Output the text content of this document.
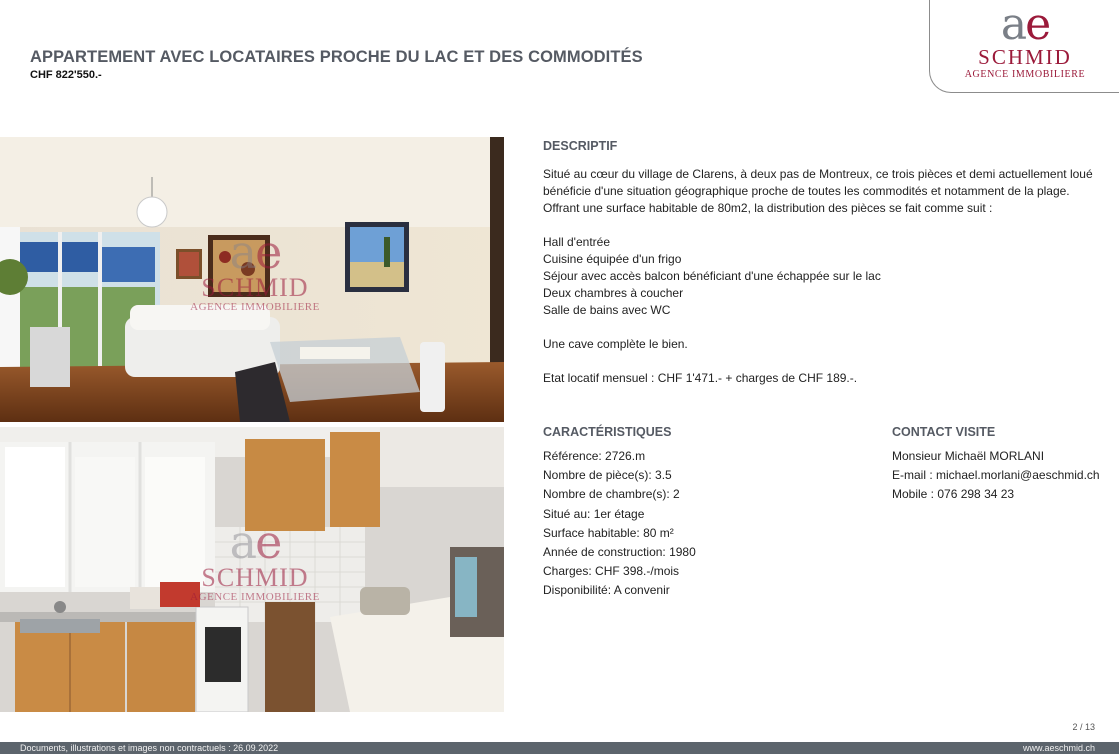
APPARTEMENT AVEC LOCATAIRES PROCHE DU LAC ET DES COMMODITÉS
CHF 822'550.-
ae
SCHMID
AGENCE IMMOBILIERE
ae
SCHMID
AGENCE IMMOBILIERE
ae
SCHMID
AGENCE IMMOBILIERE
DESCRIPTIF

Situé au cœur du village de Clarens, à deux pas de Montreux, ce trois pièces et demi actuellement loué

bénéficie d'une situation géographique proche de toutes les commodités et notamment de la plage.

Offrant une surface habitable de 80m2, la distribution des pièces se fait comme suit :

Hall d'entrée

Cuisine équipée d'un frigo

Séjour avec accès balcon bénéficiant d'une échappée sur le lac

Deux chambres à coucher

Salle de bains avec WC

Une cave complète le bien.

Etat locatif mensuel : CHF 1'471.- + charges de CHF 189.-.

CARACTÉRISTIQUES
Référence: 2726.m
Nombre de pièce(s): 3.5
Nombre de chambre(s): 2
Situé au: 1er étage
Surface habitable: 80 m²
Année de construction: 1980
Charges: CHF 398.-/mois
Disponibilité: A convenir
CONTACT VISITE
Monsieur Michaël MORLANI
E-mail : michael.morlani@aeschmid.ch
Mobile : 076 298 34 23
2 / 13
Documents, illustrations et images non contractuels : 26.09.2022	www.aeschmid.ch
